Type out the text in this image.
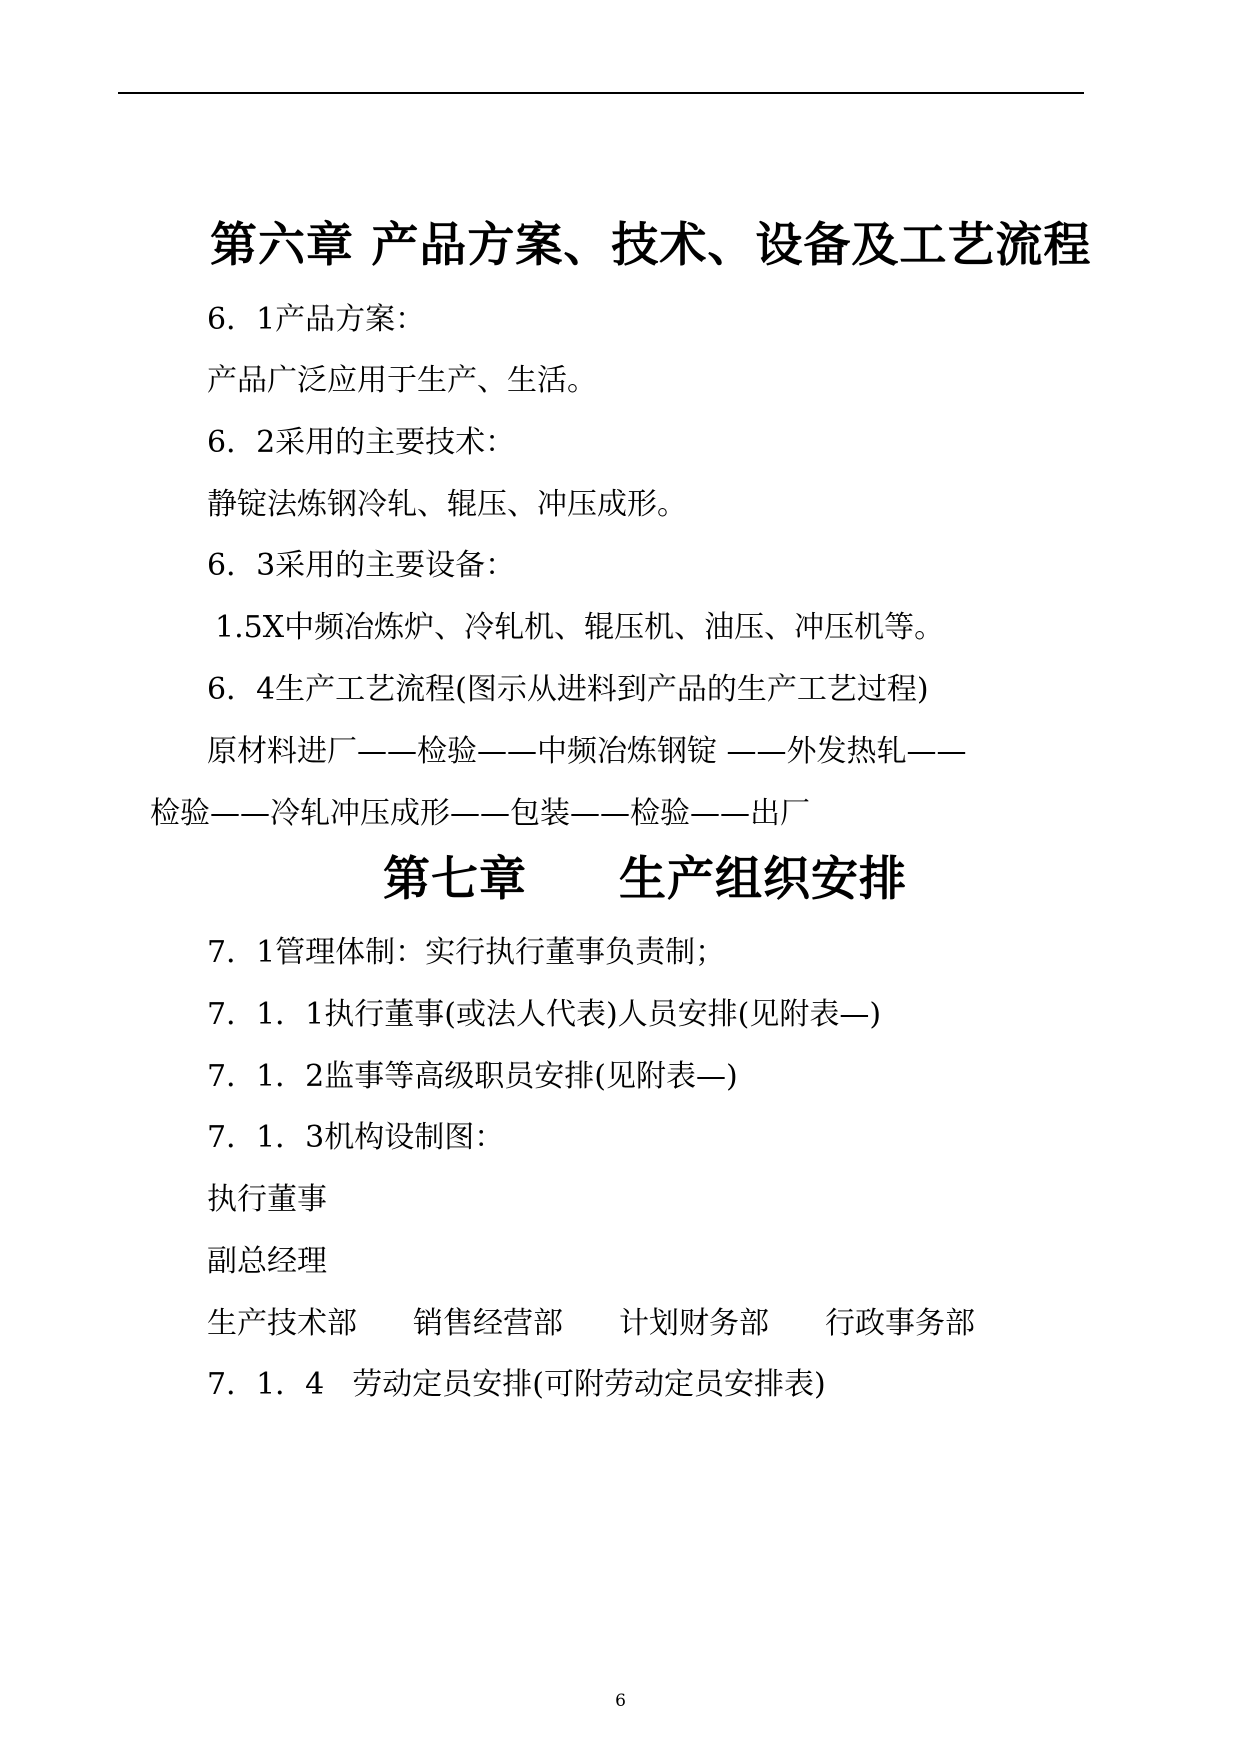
第六章 产品方案、技术、设备及工艺流程

6．1产品方案：

产品广泛应用于生产、生活。

6．2采用的主要技术：

静锭法炼钢冷轧、辊压、冲压成形。

6．3采用的主要设备：

1.5X中频冶炼炉、冷轧机、辊压机、油压、冲压机等。

6．4生产工艺流程(图示从进料到产品的生产工艺过程)

原材料进厂——检验——中频冶炼钢锭 ——外发热轧——

检验——冷轧冲压成形——包装——检验——出厂

第七章 生产组织安排

7．1管理体制：实行执行董事负责制；

7．1．1执行董事(或法人代表)人员安排(见附表—)

7．1．2监事等高级职员安排(见附表—)

7．1．3机构设制图：

执行董事

副总经理

生产技术部 销售经营部 计划财务部 行政事务部

7．1．4 劳动定员安排(可附劳动定员安排表)

6
